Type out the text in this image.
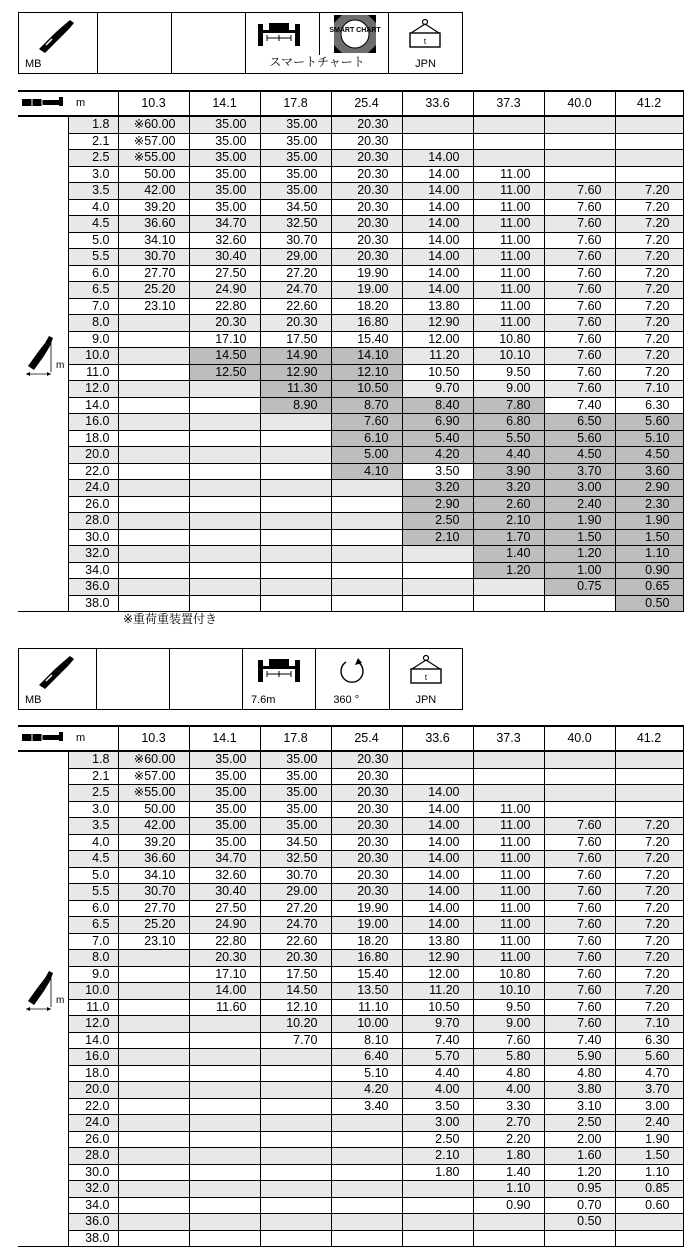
MB

SMART CHART
スマートチャート

t
JPN
	m	10.3	14.1	17.8	25.4	33.6	37.3	40.0	41.2

$^m$	1.8	※60.00	35.00	35.00	20.30				
	2.1	※57.00	35.00	35.00	20.30				
	2.5	※55.00	35.00	35.00	20.30	14.00			
	3.0	50.00	35.00	35.00	20.30	14.00	11.00		
	3.5	42.00	35.00	35.00	20.30	14.00	11.00	7.60	7.20
	4.0	39.20	35.00	34.50	20.30	14.00	11.00	7.60	7.20
	4.5	36.60	34.70	32.50	20.30	14.00	11.00	7.60	7.20
	5.0	34.10	32.60	30.70	20.30	14.00	11.00	7.60	7.20
	5.5	30.70	30.40	29.00	20.30	14.00	11.00	7.60	7.20
	6.0	27.70	27.50	27.20	19.90	14.00	11.00	7.60	7.20
	6.5	25.20	24.90	24.70	19.00	14.00	11.00	7.60	7.20
	7.0	23.10	22.80	22.60	18.20	13.80	11.00	7.60	7.20
	8.0		20.30	20.30	16.80	12.90	11.00	7.60	7.20
	9.0		17.10	17.50	15.40	12.00	10.80	7.60	7.20
	10.0		14.50	14.90	14.10	11.20	10.10	7.60	7.20
	11.0		12.50	12.90	12.10	10.50	9.50	7.60	7.20
	12.0			11.30	10.50	9.70	9.00	7.60	7.10
	14.0			8.90	8.70	8.40	7.80	7.40	6.30
	16.0				7.60	6.90	6.80	6.50	5.60
	18.0				6.10	5.40	5.50	5.60	5.10
	20.0				5.00	4.20	4.40	4.50	4.50
	22.0				4.10	3.50	3.90	3.70	3.60
	24.0					3.20	3.20	3.00	2.90
	26.0					2.90	2.60	2.40	2.30
	28.0					2.50	2.10	1.90	1.90
	30.0					2.10	1.70	1.50	1.50
	32.0						1.40	1.20	1.10
	34.0						1.20	1.00	0.90
	36.0							0.75	0.65
	38.0								0.50
※重荷重装置付き
MB			7.6m	360 °

t
JPN
	m	10.3	14.1	17.8	25.4	33.6	37.3	40.0	41.2

$^m$	1.8	※60.00	35.00	35.00	20.30				
	2.1	※57.00	35.00	35.00	20.30				
	2.5	※55.00	35.00	35.00	20.30	14.00			
	3.0	50.00	35.00	35.00	20.30	14.00	11.00		
	3.5	42.00	35.00	35.00	20.30	14.00	11.00	7.60	7.20
	4.0	39.20	35.00	34.50	20.30	14.00	11.00	7.60	7.20
	4.5	36.60	34.70	32.50	20.30	14.00	11.00	7.60	7.20
	5.0	34.10	32.60	30.70	20.30	14.00	11.00	7.60	7.20
	5.5	30.70	30.40	29.00	20.30	14.00	11.00	7.60	7.20
	6.0	27.70	27.50	27.20	19.90	14.00	11.00	7.60	7.20
	6.5	25.20	24.90	24.70	19.00	14.00	11.00	7.60	7.20
	7.0	23.10	22.80	22.60	18.20	13.80	11.00	7.60	7.20
	8.0		20.30	20.30	16.80	12.90	11.00	7.60	7.20
	9.0		17.10	17.50	15.40	12.00	10.80	7.60	7.20
	10.0		14.00	14.50	13.50	11.20	10.10	7.60	7.20
	11.0		11.60	12.10	11.10	10.50	9.50	7.60	7.20
	12.0			10.20	10.00	9.70	9.00	7.60	7.10
	14.0			7.70	8.10	7.40	7.60	7.40	6.30
	16.0				6.40	5.70	5.80	5.90	5.60
	18.0				5.10	4.40	4.80	4.80	4.70
	20.0				4.20	4.00	4.00	3.80	3.70
	22.0				3.40	3.50	3.30	3.10	3.00
	24.0					3.00	2.70	2.50	2.40
	26.0					2.50	2.20	2.00	1.90
	28.0					2.10	1.80	1.60	1.50
	30.0					1.80	1.40	1.20	1.10
	32.0						1.10	0.95	0.85
	34.0						0.90	0.70	0.60
	36.0							0.50	
	38.0								
